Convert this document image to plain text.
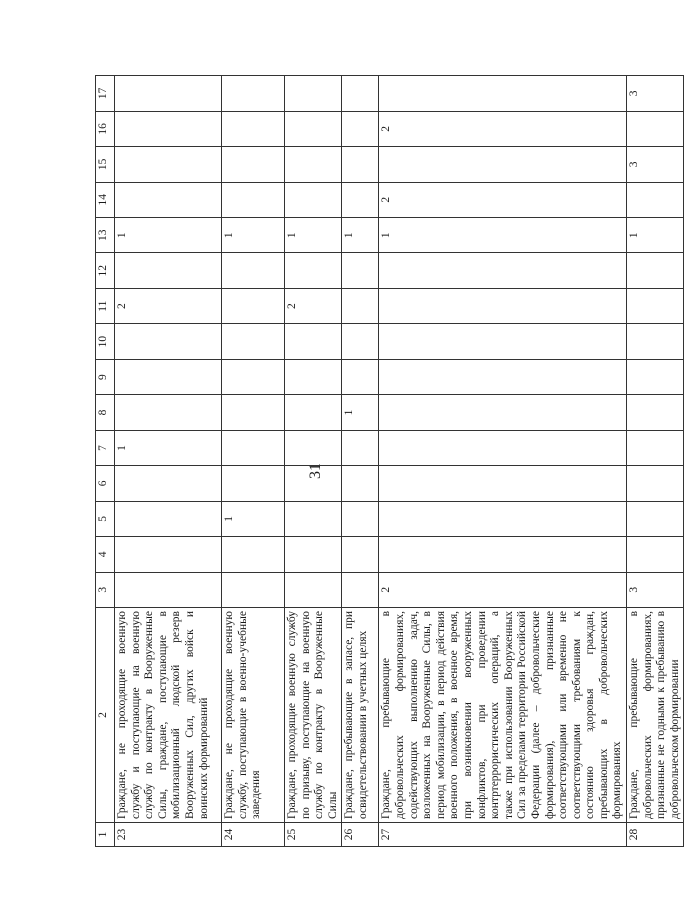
31
1	2	3	4	5	6	7	8	9	10	11	12	13	14	15	16	17
23	Граждане, не проходящие военную службу и поступающие на военную службу по контракту в Вооруженные Силы, граждане, поступающие в мобилизационный людской резерв Вооруженных Сил, других войск и воинских формирований					1				2		1				
24	Граждане, не проходящие военную службу, поступающие в военно-учебные заведения			1								1				
25	Граждане, проходящие военную службу по призыву, поступающие на военную службу по контракту в Вооруженные Силы									2		1				
26	Граждане, пребывающие в запасе, при освидетельствовании в учетных целях						1					1				
27	Граждане, пребывающие в добровольческих формированиях, содействующих выполнению задач, возложенных на Вооруженные Силы, в период мобилизации, в период действия военного положения, в военное время, при возникновении вооруженных конфликтов, при проведении контртеррористических операций, а также при использовании Вооруженных Сил за пределами территории Российской Федерации (далее – добровольческие формирования), признанные соответствующими или временно не соответствующими требованиям к состоянию здоровья граждан, пребывающих в добровольческих формированиях	2										1	2		2	
28	Граждане, пребывающие в добровольческих формированиях, признанные не годными к пребыванию в добровольческом формировании	3										1		3		3
